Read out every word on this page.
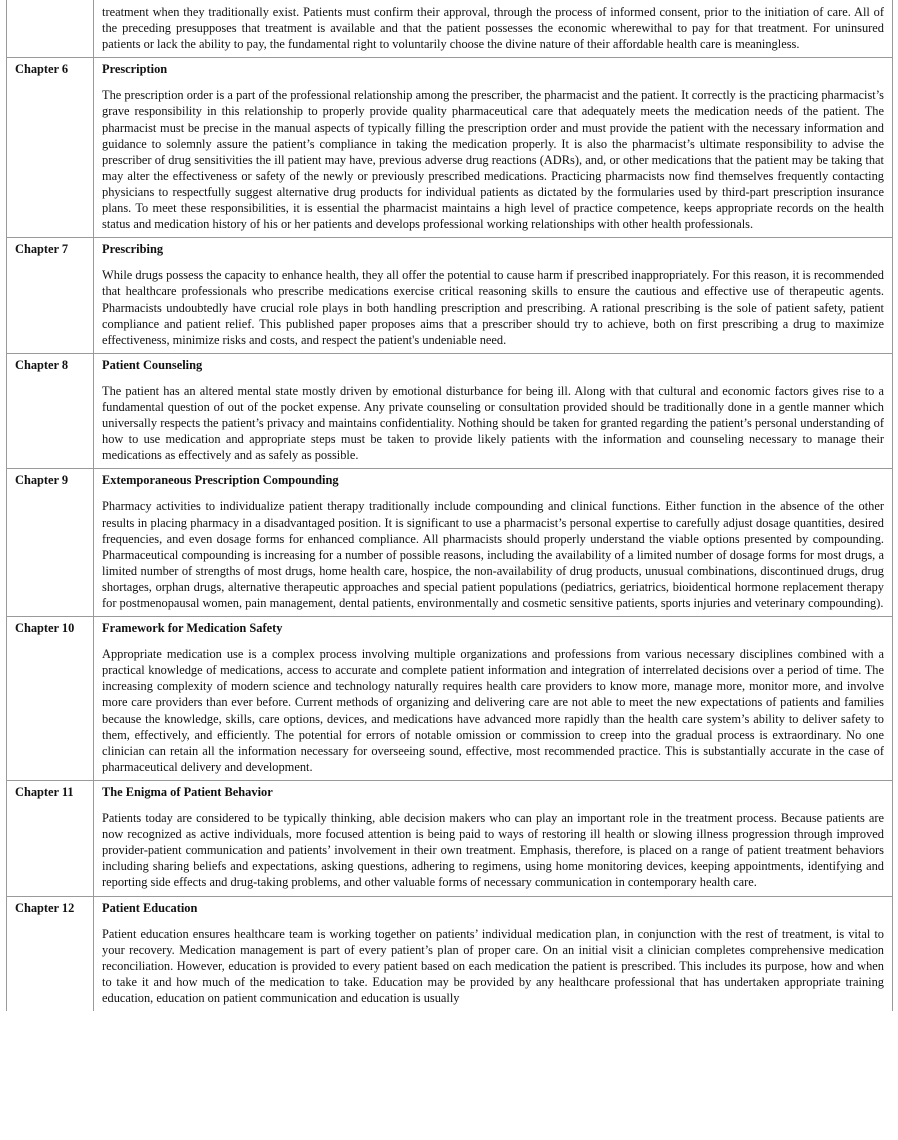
	treatment when they traditionally exist. Patients must confirm their approval, through the process of informed consent, prior to the initiation of care. All of the preceding presupposes that treatment is available and that the patient possesses the economic wherewithal to pay for that treatment. For uninsured patients or lack the ability to pay, the fundamental right to voluntarily choose the divine nature of their affordable health care is meaningless.

Chapter 6	Prescription

The prescription order is a part of the professional relationship among the prescriber, the pharmacist and the patient. It correctly is the practicing pharmacist’s grave responsibility in this relationship to properly provide quality pharmaceutical care that adequately meets the medication needs of the patient. The pharmacist must be precise in the manual aspects of typically filling the prescription order and must provide the patient with the necessary information and guidance to solemnly assure the patient’s compliance in taking the medication properly. It is also the pharmacist’s ultimate responsibility to advise the prescriber of drug sensitivities the ill patient may have, previous adverse drug reactions (ADRs), and, or other medications that the patient may be taking that may alter the effectiveness or safety of the newly or previously prescribed medications. Practicing pharmacists now find themselves frequently contacting physicians to respectfully suggest alternative drug products for individual patients as dictated by the formularies used by third-part prescription insurance plans. To meet these responsibilities, it is essential the pharmacist maintains a high level of practice competence, keeps appropriate records on the health status and medication history of his or her patients and develops professional working relationships with other health professionals.

Chapter 7	Prescribing

While drugs possess the capacity to enhance health, they all offer the potential to cause harm if prescribed inappropriately. For this reason, it is recommended that healthcare professionals who prescribe medications exercise critical reasoning skills to ensure the cautious and effective use of therapeutic agents. Pharmacists undoubtedly have crucial role plays in both handling prescription and prescribing. A rational prescribing is the sole of patient safety, patient compliance and patient relief. This published paper proposes aims that a prescriber should try to achieve, both on first prescribing a drug to maximize effectiveness, minimize risks and costs, and respect the patient's undeniable need.

Chapter 8	Patient Counseling

The patient has an altered mental state mostly driven by emotional disturbance for being ill. Along with that cultural and economic factors gives rise to a fundamental question of out of the pocket expense. Any private counseling or consultation provided should be traditionally done in a gentle manner which universally respects the patient’s privacy and maintains confidentiality. Nothing should be taken for granted regarding the patient’s personal understanding of how to use medication and appropriate steps must be taken to provide likely patients with the information and counseling necessary to manage their medications as effectively and as safely as possible.

Chapter 9	Extemporaneous Prescription Compounding

Pharmacy activities to individualize patient therapy traditionally include compounding and clinical functions. Either function in the absence of the other results in placing pharmacy in a disadvantaged position. It is significant to use a pharmacist’s personal expertise to carefully adjust dosage quantities, desired frequencies, and even dosage forms for enhanced compliance. All pharmacists should properly understand the viable options presented by compounding. Pharmaceutical compounding is increasing for a number of possible reasons, including the availability of a limited number of dosage forms for most drugs, a limited number of strengths of most drugs, home health care, hospice, the non-availability of drug products, unusual combinations, discontinued drugs, drug shortages, orphan drugs, alternative therapeutic approaches and special patient populations (pediatrics, geriatrics, bioidentical hormone replacement therapy for postmenopausal women, pain management, dental patients, environmentally and cosmetic sensitive patients, sports injuries and veterinary compounding).

Chapter 10	Framework for Medication Safety

Appropriate medication use is a complex process involving multiple organizations and professions from various necessary disciplines combined with a practical knowledge of medications, access to accurate and complete patient information and integration of interrelated decisions over a period of time. The increasing complexity of modern science and technology naturally requires health care providers to know more, manage more, monitor more, and involve more care providers than ever before. Current methods of organizing and delivering care are not able to meet the new expectations of patients and families because the knowledge, skills, care options, devices, and medications have advanced more rapidly than the health care system’s ability to deliver safety to them, effectively, and efficiently. The potential for errors of notable omission or commission to creep into the gradual process is extraordinary. No one clinician can retain all the information necessary for overseeing sound, effective, most recommended practice. This is substantially accurate in the case of pharmaceutical delivery and development.

Chapter 11	The Enigma of Patient Behavior

Patients today are considered to be typically thinking, able decision makers who can play an important role in the treatment process. Because patients are now recognized as active individuals, more focused attention is being paid to ways of restoring ill health or slowing illness progression through improved provider-patient communication and patients’ involvement in their own treatment. Emphasis, therefore, is placed on a range of patient treatment behaviors including sharing beliefs and expectations, asking questions, adhering to regimens, using home monitoring devices, keeping appointments, identifying and reporting side effects and drug-taking problems, and other valuable forms of necessary communication in contemporary health care.

Chapter 12	Patient Education

Patient education ensures healthcare team is working together on patients’ individual medication plan, in conjunction with the rest of treatment, is vital to your recovery. Medication management is part of every patient’s plan of proper care. On an initial visit a clinician completes comprehensive medication reconciliation. However, education is provided to every patient based on each medication the patient is prescribed. This includes its purpose, how and when to take it and how much of the medication to take. Education may be provided by any healthcare professional that has undertaken appropriate training education, education on patient communication and education is usually
